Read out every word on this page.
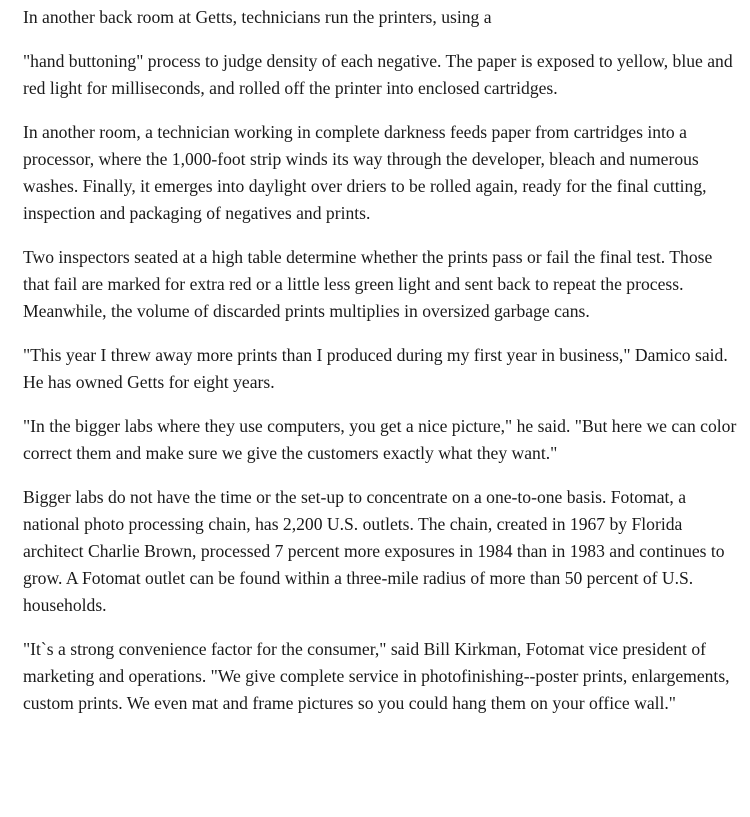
In another back room at Getts, technicians run the printers, using a

"hand buttoning" process to judge density of each negative. The paper is exposed to yellow, blue and red light for milliseconds, and rolled off the printer into enclosed cartridges.

In another room, a technician working in complete darkness feeds paper from cartridges into a processor, where the 1,000-foot strip winds its way through the developer, bleach and numerous washes. Finally, it emerges into daylight over driers to be rolled again, ready for the final cutting, inspection and packaging of negatives and prints.

Two inspectors seated at a high table determine whether the prints pass or fail the final test. Those that fail are marked for extra red or a little less green light and sent back to repeat the process. Meanwhile, the volume of discarded prints multiplies in oversized garbage cans.

"This year I threw away more prints than I produced during my first year in business," Damico said. He has owned Getts for eight years.

"In the bigger labs where they use computers, you get a nice picture," he said. "But here we can color correct them and make sure we give the customers exactly what they want."

Bigger labs do not have the time or the set-up to concentrate on a one-to-one basis. Fotomat, a national photo processing chain, has 2,200 U.S. outlets. The chain, created in 1967 by Florida architect Charlie Brown, processed 7 percent more exposures in 1984 than in 1983 and continues to grow. A Fotomat outlet can be found within a three-mile radius of more than 50 percent of U.S. households.

"It`s a strong convenience factor for the consumer," said Bill Kirkman, Fotomat vice president of marketing and operations. "We give complete service in photofinishing--poster prints, enlargements, custom prints. We even mat and frame pictures so you could hang them on your office wall."
